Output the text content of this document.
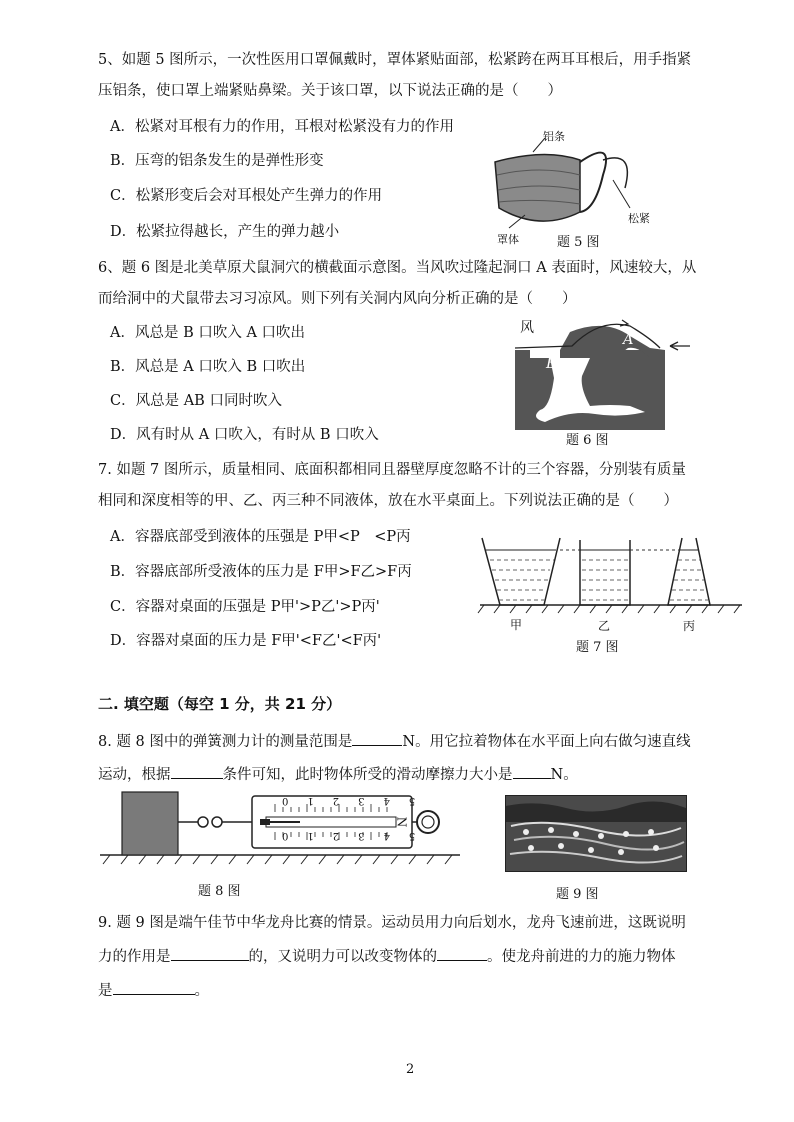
5、如题 5 图所示，一次性医用口罩佩戴时，罩体紧贴面部，松紧跨在两耳耳根后，用手指紧
压铝条，使口罩上端紧贴鼻梁。关于该口罩，以下说法正确的是（　　）
A．松紧对耳根有力的作用，耳根对松紧没有力的作用
B．压弯的铝条发生的是弹性形变
C．松紧形变后会对耳根处产生弹力的作用
D．松紧拉得越长，产生的弹力越小
铝条
松紧
罩体	题 5 图
6、题 6 图是北美草原犬鼠洞穴的横截面示意图。当风吹过隆起洞口 A 表面时，风速较大，从
而给洞中的犬鼠带去习习凉风。则下列有关洞内风向分析正确的是（　　）
A．风总是 B 口吹入 A 口吹出
B．风总是 A 口吹入 B 口吹出
C．风总是 AB 口同时吹入
D．风有时从 A 口吹入，有时从 B 口吹入
风
A
B
题 6 图
7. 如题 7 图所示，质量相同、底面积都相同且器壁厚度忽略不计的三个容器，分别装有质量
相同和深度相等的甲、乙、丙三种不同液体，放在水平桌面上。下列说法正确的是（　　）
A．容器底部受到液体的压强是 P甲<P　<P丙
B．容器底部所受液体的压力是 F甲>F乙>F丙
C．容器对桌面的压强是 P甲'>P乙'>P丙'
D．容器对桌面的压力是 F甲'<F乙'<F丙'
甲	乙	丙
题 7 图
二. 填空题（每空 1 分，共 21 分）
8. 题 8 图中的弹簧测力计的测量范围是	N。用它拉着物体在水平面上向右做匀速直线
运动，根据	条件可知，此时物体所受的滑动摩擦力大小是	N。
543210
543210
N
题 8 图	题 9 图
9. 题 9 图是端午佳节中华龙舟比赛的情景。运动员用力向后划水，龙舟飞速前进，这既说明
力的作用是	的，又说明力可以改变物体的	。使龙舟前进的力的施力物体
是	。
2
